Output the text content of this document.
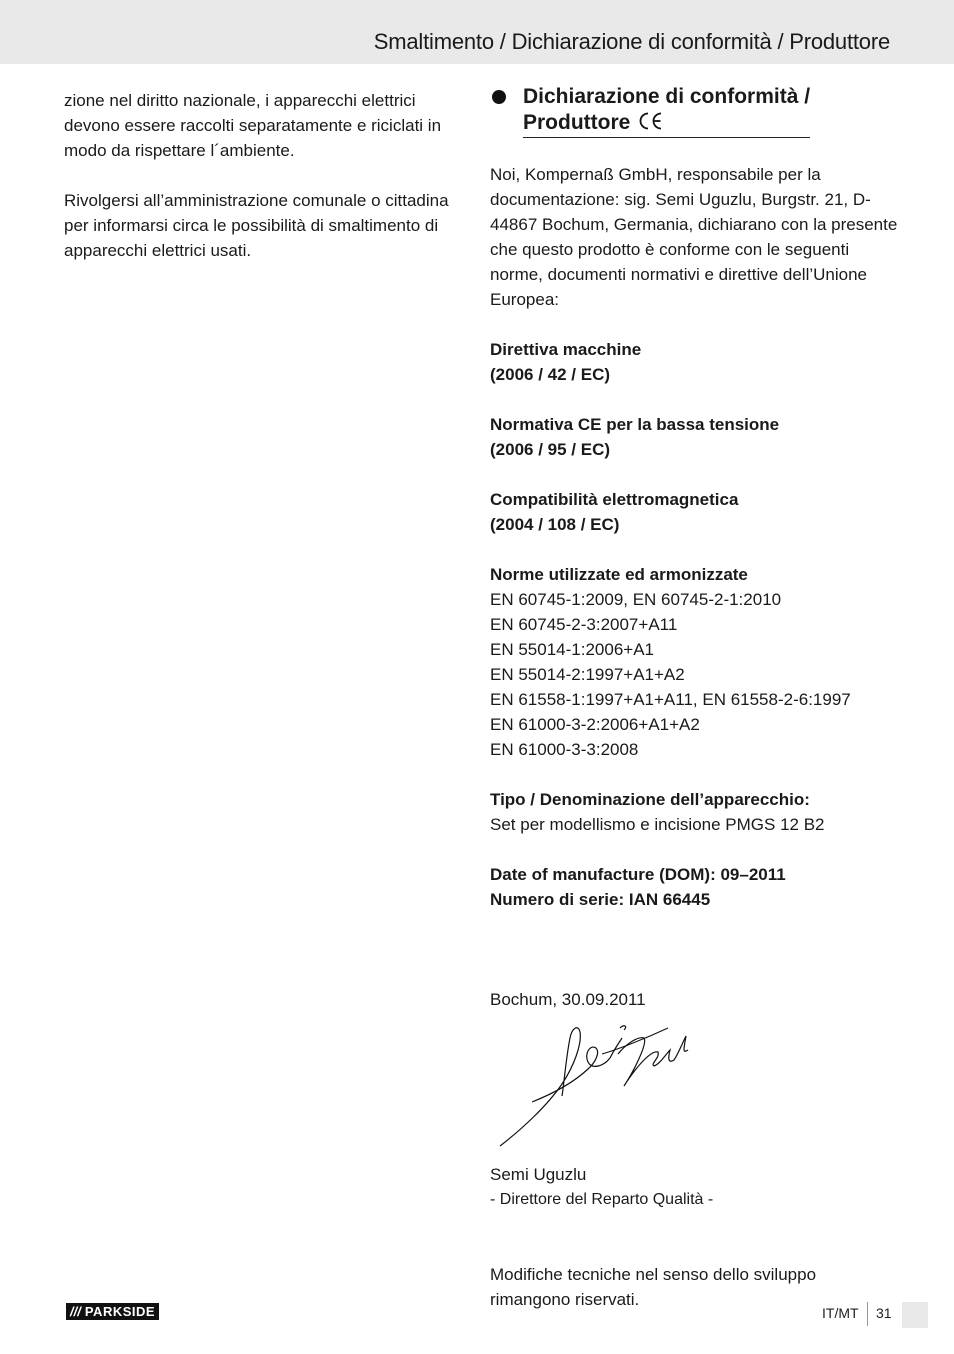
Smaltimento / Dichiarazione di conformità / Produttore

zione nel diritto nazionale, i apparecchi elettrici devono essere raccolti separatamente e riciclati in modo da rispettare l´ambiente.

Rivolgersi all’amministrazione comunale o cittadina per informarsi circa le possibilità di smaltimento di apparecchi elettrici usati.

Dichiarazione di conformità /
Produttore

Noi, Kompernaß GmbH, responsabile per la documentazione: sig. Semi Uguzlu, Burgstr. 21, D-44867 Bochum, Germania, dichiarano con la presente che questo prodotto è conforme con le seguenti norme, documenti normativi e direttive dell’Unione Europea:

Direttiva macchine
(2006 / 42 / EC)
Normativa CE per la bassa tensione
(2006 / 95 / EC)
Compatibilità elettromagnetica
(2004 / 108 / EC)
Norme utilizzate ed armonizzate
EN 60745-1:2009, EN 60745-2-1:2010
EN 60745-2-3:2007+A11
EN 55014-1:2006+A1
EN 55014-2:1997+A1+A2
EN 61558-1:1997+A1+A11, EN 61558-2-6:1997
EN 61000-3-2:2006+A1+A2
EN 61000-3-3:2008
Tipo / Denominazione dell’apparecchio:
Set per modellismo e incisione PMGS 12 B2
Date of manufacture (DOM): 09–2011
Numero di serie: IAN 66445
Bochum, 30.09.2011
Semi Uguzlu
- Direttore del Reparto Qualità -

Modifiche tecniche nel senso dello sviluppo rimangono riservati.

/// PARKSIDE	IT/MT 31
